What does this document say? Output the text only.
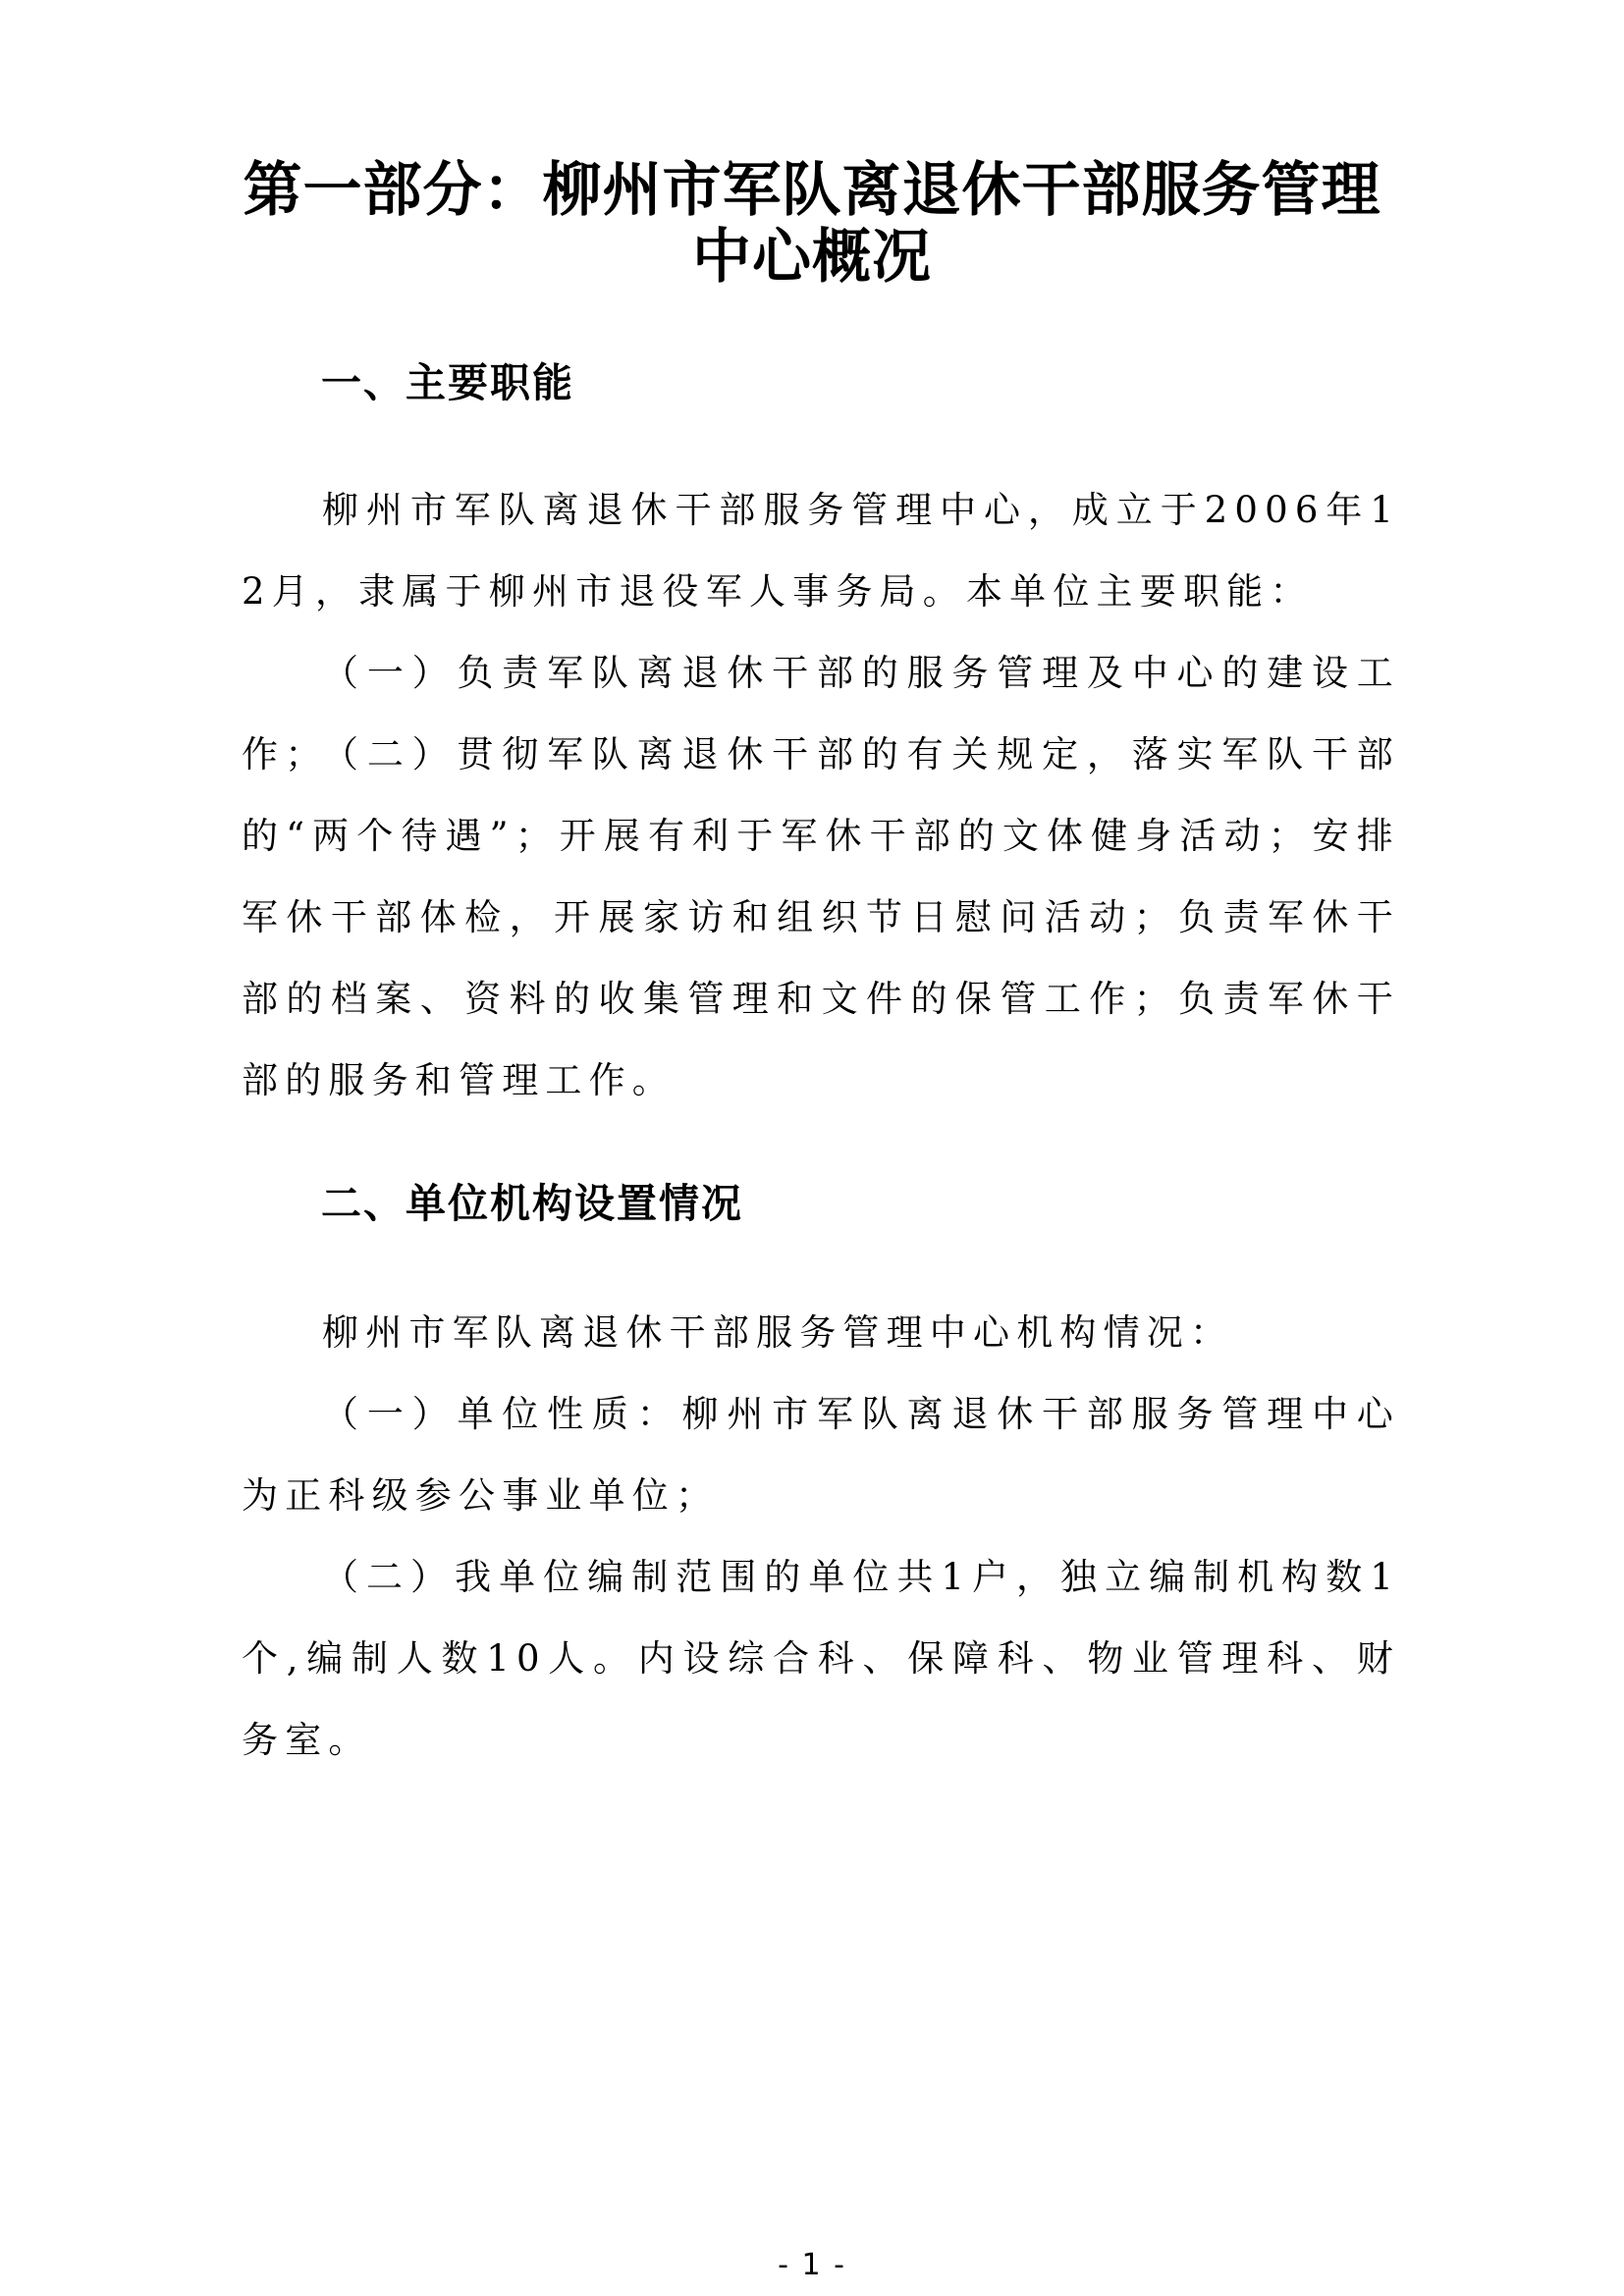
第一部分：柳州市军队离退休干部服务管理
中心概况
一、主要职能

柳州市军队离退休干部服务管理中心，成立于2006年12月，隶属于柳州市退役军人事务局。本单位主要职能：

（一）负责军队离退休干部的服务管理及中心的建设工作；

（二）贯彻军队离退休干部的有关规定，落实军队干部的“两个待遇”；开展有利于军休干部的文体健身活动；安排军休干部体检，开展家访和组织节日慰问活动；负责军休干部的档案、资料的收集管理和文件的保管工作；负责军休干部的服务和管理工作。

二、单位机构设置情况

柳州市军队离退休干部服务管理中心机构情况：

（一）单位性质：柳州市军队离退休干部服务管理中心为正科级参公事业单位；

（二）我单位编制范围的单位共1户，独立编制机构数1个,编制人数10人。内设综合科、保障科、物业管理科、财务室。

- 1 -
